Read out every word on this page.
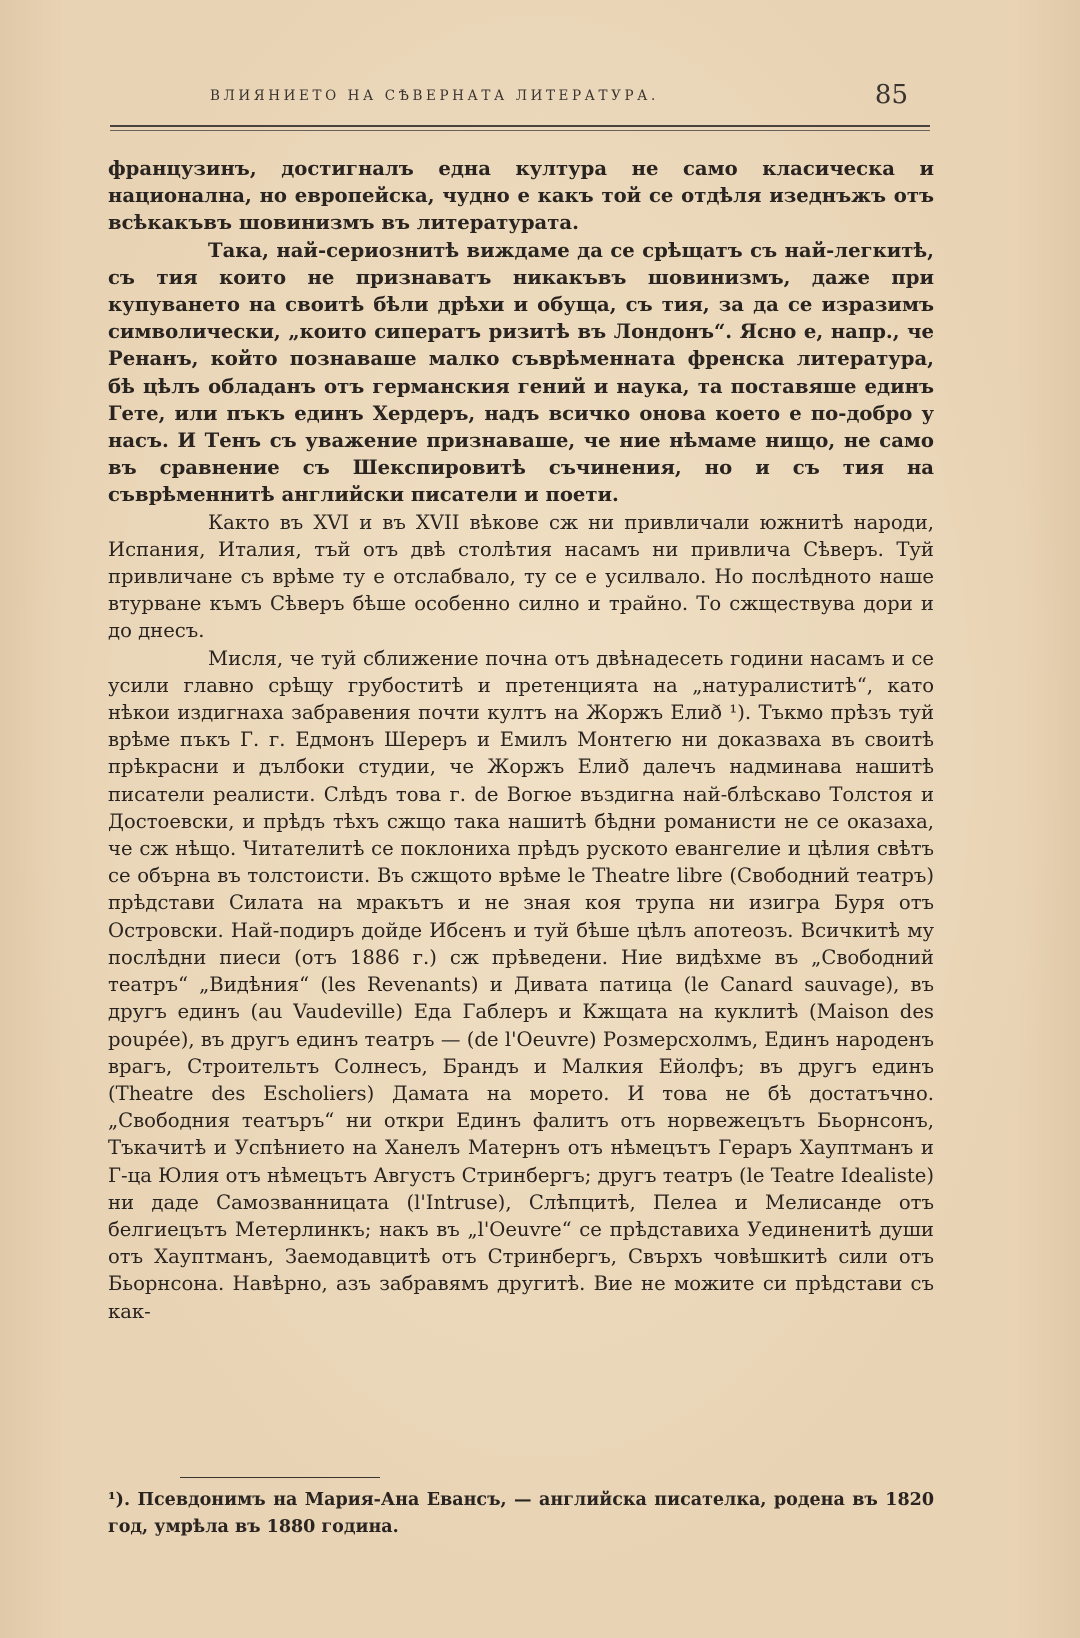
ВЛИЯНИЕТО НА СѢВЕРНАТА ЛИТЕРАТУРА.	85

французинъ, достигналъ една култура не само класическа и национална, но европейска, чудно е какъ той се отдѣля изеднъжъ отъ всѣкакъвъ шовинизмъ въ литературата.

Така, най-сериознитѣ виждаме да се срѣщатъ съ най-легкитѣ, съ тия които не признаватъ никакъвъ шовинизмъ, даже при купуването на своитѣ бѣли дрѣхи и обуща, съ тия, за да се изразимъ символически, „които сиператъ ризитѣ въ Лондонъ“. Ясно е, напр., че Ренанъ, който познаваше малко съврѣменната френска литература, бѣ цѣлъ обладанъ отъ германския гений и наука, та поставяше единъ Гете, или пъкъ единъ Хердеръ, надъ всичко онова което е по-добро у насъ. И Тенъ съ уважение признаваше, че ние нѣмаме нищо, не само въ сравнение съ Шекспировитѣ съчинения, но и съ тия на съврѣменнитѣ английски писатели и поети.

Както въ XVI и въ XVII вѣкове сж ни привличали южнитѣ народи, Испания, Италия, тъй отъ двѣ столѣтия насамъ ни привлича Сѣверъ. Туй привличане съ врѣме ту е отслабвало, ту се е усилвало. Но послѣдното наше втурване къмъ Сѣверъ бѣше особенно силно и трайно. То сжществува дори и до днесъ.

Мисля, че туй сближение почна отъ двѣнадесеть години насамъ и се усили главно срѣщу грубоститѣ и претенцията на „натуралиститѣ“, като нѣкои издигнаха забравения почти култъ на Жоржъ Елиð ¹). Тъкмо прѣзъ туй врѣме пъкъ Г. г. Едмонъ Шереръ и Емилъ Монтегю ни доказваха въ своитѣ прѣкрасни и дълбоки студии, че Жоржъ Елиð далечъ надминава нашитѣ писатели реалисти. Слѣдъ това г. de Вогюе въздигна най-блѣскаво Толстоя и Достоевски, и прѣдъ тѣхъ сжщо така нашитѣ бѣдни романисти не се оказаха, че сж нѣщо. Читателитѣ се поклониха прѣдъ руското евангелие и цѣлия свѣтъ се обърна въ толстоисти. Въ сжщото врѣме le Theatre libre (Свободний театръ) прѣдстави Силата на мракътъ и не зная коя трупа ни изигра Буря отъ Островски. Най-подиръ дойде Ибсенъ и туй бѣше цѣлъ апотеозъ. Всичкитѣ му послѣдни пиеси (отъ 1886 г.) сж прѣведени. Ние видѣхме въ „Свободний театръ“ „Видѣния“ (les Revenants) и Дивата патица (le Canard sauvage), въ другъ единъ (au Vaudeville) Еда Габлеръ и Кжщата на куклитѣ (Maison des poupée), въ другъ единъ театръ — (de l'Oeuvre) Розмерсхолмъ, Единъ народенъ врагъ, Строительтъ Солнесъ, Брандъ и Малкия Ейолфъ; въ другъ единъ (Theatre des Escholiers) Дамата на морето. И това не бѣ достатъчно. „Свободния театъръ“ ни откри Единъ фалитъ отъ норвежецътъ Бьорнсонъ, Тъкачитѣ и Успѣнието на Ханелъ Матернъ отъ нѣмецътъ Гераръ Хауптманъ и Г-ца Юлия отъ нѣмецътъ Августъ Стринбергъ; другъ театръ (le Teatre Idealiste) ни даде Самозванницата (l'Intruse), Слѣпцитѣ, Пелеа и Мелисанде отъ белгиецътъ Метерлинкъ; накъ въ „l'Oeuvre“ се прѣдставиха Уединенитѣ души отъ Хауптманъ, Заемодавцитѣ отъ Стринбергъ, Свърхъ човѣшкитѣ сили отъ Бьорнсона. Навѣрно, азъ забравямъ другитѣ. Вие не можите си прѣдстави съ как-

¹). Псевдонимъ на Мария-Ана Евансъ, — английска писателка, родена въ 1820 год, умрѣла въ 1880 година.
